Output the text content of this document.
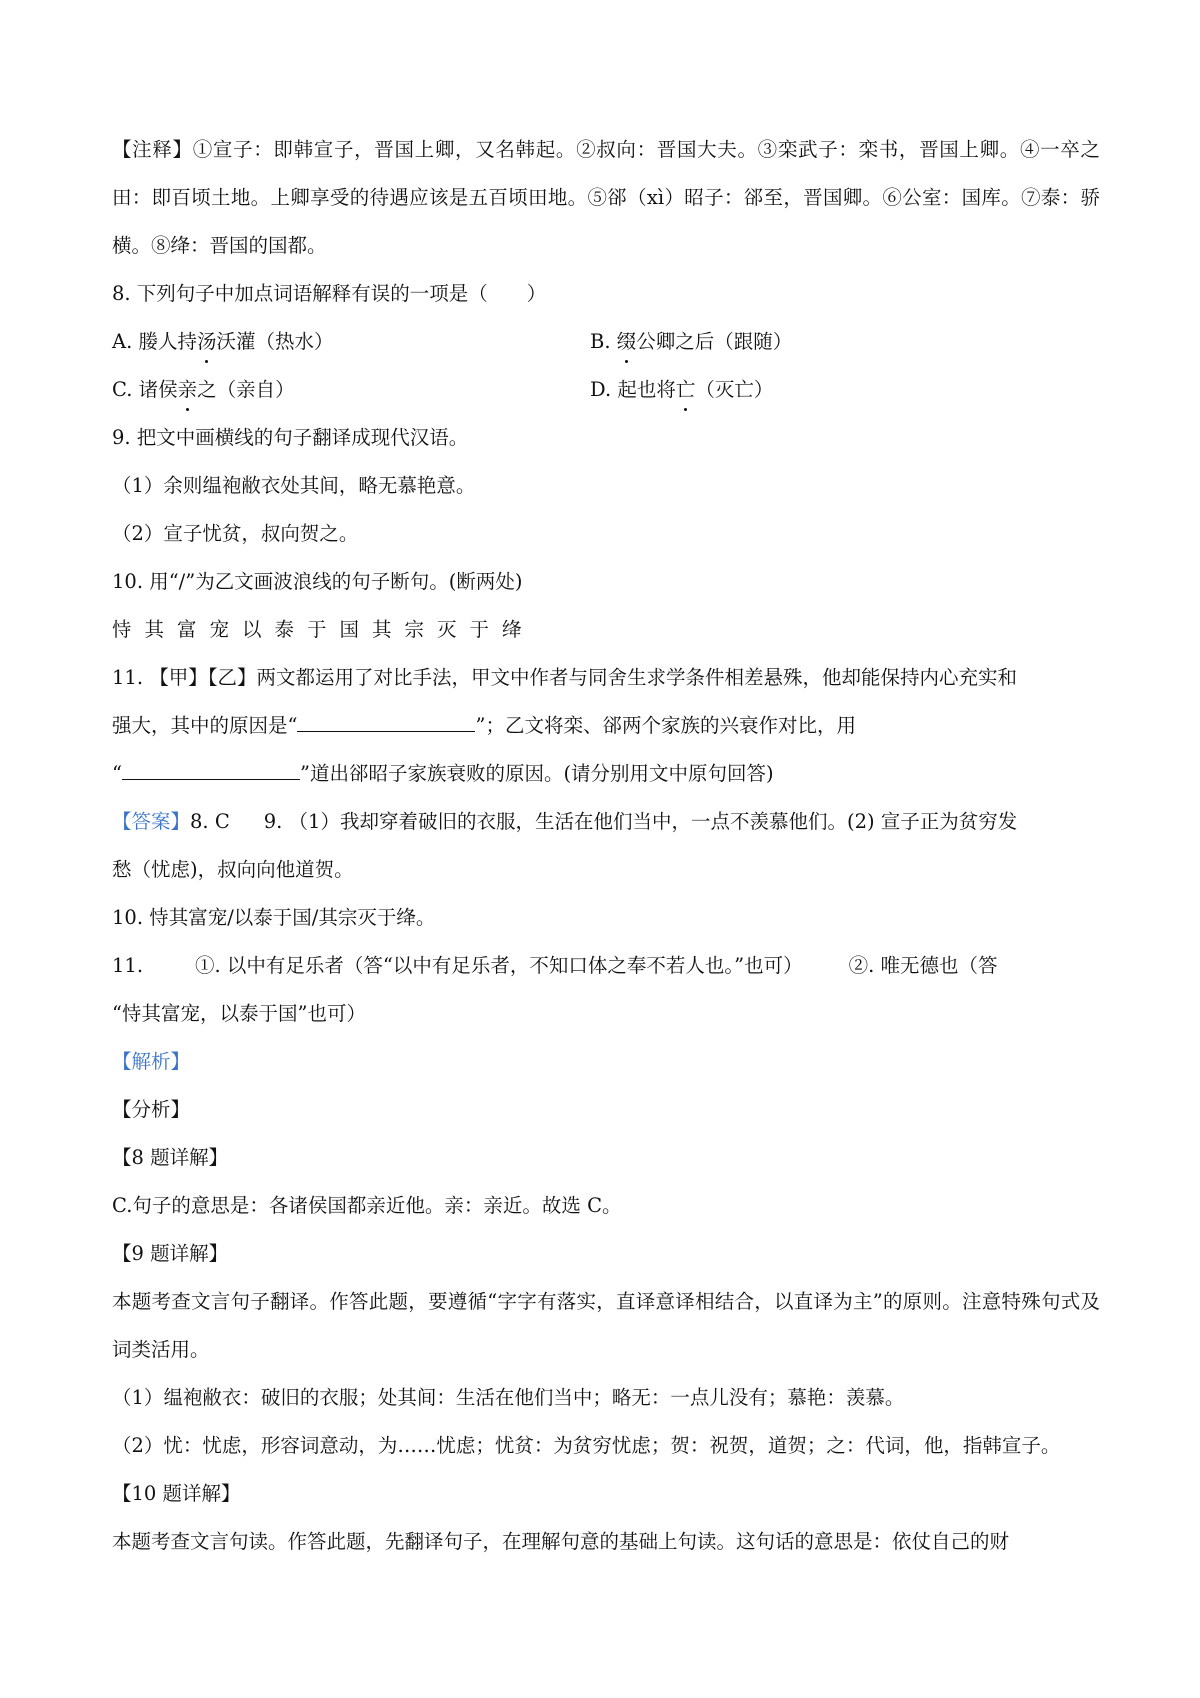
【注释】①宣子：即韩宣子，晋国上卿，又名韩起。②叔向：晋国大夫。③栾武子：栾书，晋国上卿。④一卒之田：即百顷土地。上卿享受的待遇应该是五百顷田地。⑤郤（xì）昭子：郤至，晋国卿。⑥公室：国库。⑦泰：骄横。⑧绛：晋国的国都。

8. 下列句子中加点词语解释有误的一项是（　　）

A. 媵人持汤沃灌（热水）	B. 缀公卿之后（跟随）
C. 诸侯亲之（亲自）	D. 起也将亡（灭亡）

9. 把文中画横线的句子翻译成现代汉语。

（1）余则缊袍敝衣处其间，略无慕艳意。

（2）宣子忧贫，叔向贺之。

10. 用“/”为乙文画波浪线的句子断句。(断两处)

恃其富宠以泰于国其宗灭于绛

11. 【甲】【乙】两文都运用了对比手法，甲文中作者与同舍生求学条件相差悬殊，他却能保持内心充实和

强大，其中的原因是“	”；乙文将栾、郤两个家族的兴衰作对比，用

“	”道出郤昭子家族衰败的原因。(请分别用文中原句回答)

【答案】8. C 9. （1）我却穿着破旧的衣服，生活在他们当中，一点不羡慕他们。(2) 宣子正为贫穷发

愁（忧虑)，叔向向他道贺。

10. 恃其富宠/以泰于国/其宗灭于绛。

11.	①. 以中有足乐者（答“以中有足乐者，不知口体之奉不若人也。”也可） ②. 唯无德也（答

“恃其富宠，以泰于国”也可）

【解析】

【分析】

【8 题详解】

C.句子的意思是：各诸侯国都亲近他。亲：亲近。故选 C。

【9 题详解】

本题考查文言句子翻译。作答此题，要遵循“字字有落实，直译意译相结合，以直译为主”的原则。注意特殊句式及词类活用。

（1）缊袍敝衣：破旧的衣服；处其间：生活在他们当中；略无：一点儿没有；慕艳：羡慕。

（2）忧：忧虑，形容词意动，为……忧虑；忧贫：为贫穷忧虑；贺：祝贺，道贺；之：代词，他，指韩宣子。

【10 题详解】

本题考查文言句读。作答此题，先翻译句子，在理解句意的基础上句读。这句话的意思是：依仗自己的财
